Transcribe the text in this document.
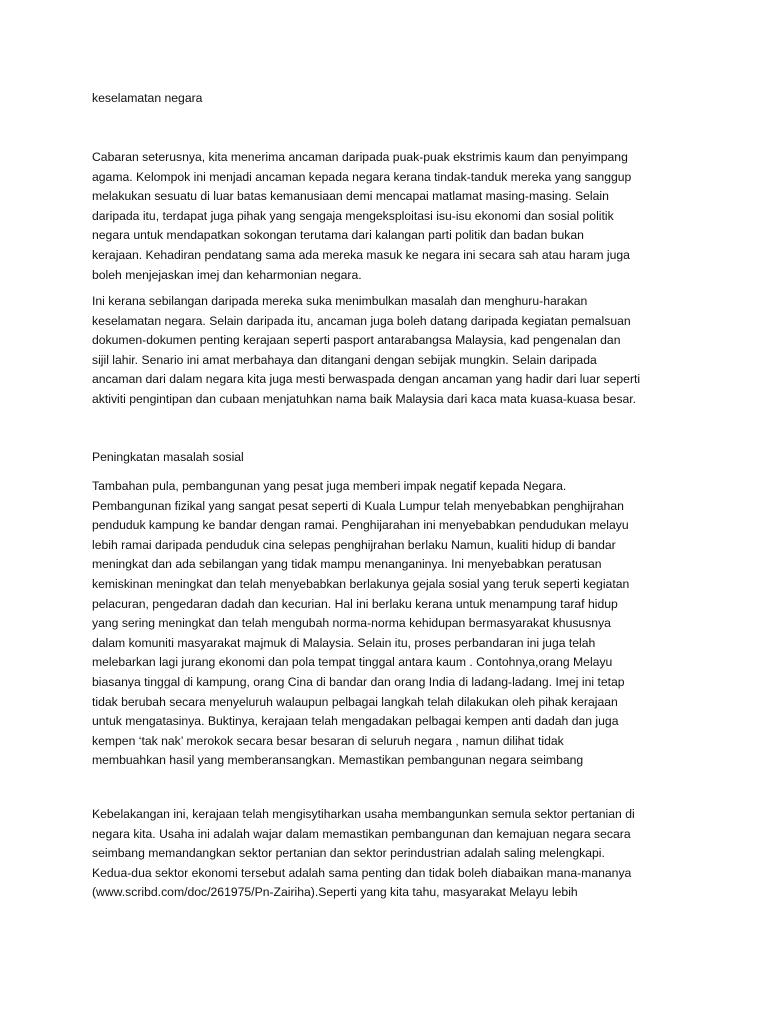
keselamatan negara
Cabaran seterusnya, kita menerima ancaman daripada puak-puak ekstrimis kaum dan penyimpang
agama. Kelompok ini menjadi ancaman kepada negara kerana tindak-tanduk mereka yang sanggup
melakukan sesuatu di luar batas kemanusiaan demi mencapai matlamat masing-masing. Selain
daripada itu, terdapat juga pihak yang sengaja mengeksploitasi isu-isu ekonomi dan sosial politik
negara untuk mendapatkan sokongan terutama dari kalangan parti politik dan badan bukan
kerajaan. Kehadiran pendatang sama ada mereka masuk ke negara ini secara sah atau haram juga
boleh menjejaskan imej dan keharmonian negara.
Ini kerana sebilangan daripada mereka suka menimbulkan masalah dan menghuru-harakan
keselamatan negara. Selain daripada itu, ancaman juga boleh datang daripada kegiatan pemalsuan
dokumen-dokumen penting kerajaan seperti pasport antarabangsa Malaysia, kad pengenalan dan
sijil lahir. Senario ini amat merbahaya dan ditangani dengan sebijak mungkin. Selain daripada
ancaman dari dalam negara kita juga mesti berwaspada dengan ancaman yang hadir dari luar seperti
aktiviti pengintipan dan cubaan menjatuhkan nama baik Malaysia dari kaca mata kuasa-kuasa besar.
Peningkatan masalah sosial
Tambahan pula, pembangunan yang pesat juga memberi impak negatif kepada Negara.
Pembangunan fizikal yang sangat pesat seperti di Kuala Lumpur telah menyebabkan penghijrahan
penduduk kampung ke bandar dengan ramai. Penghijarahan ini menyebabkan pendudukan melayu
lebih ramai daripada penduduk cina selepas penghijrahan berlaku Namun, kualiti hidup di bandar
meningkat dan ada sebilangan yang tidak mampu menanganinya. Ini menyebabkan peratusan
kemiskinan meningkat dan telah menyebabkan berlakunya gejala sosial yang teruk seperti kegiatan
pelacuran, pengedaran dadah dan kecurian. Hal ini berlaku kerana untuk menampung taraf hidup
yang sering meningkat dan telah mengubah norma-norma kehidupan bermasyarakat khususnya
dalam komuniti masyarakat majmuk di Malaysia. Selain itu, proses perbandaran ini juga telah
melebarkan lagi jurang ekonomi dan pola tempat tinggal antara kaum . Contohnya,orang Melayu
biasanya tinggal di kampung, orang Cina di bandar dan orang India di ladang-ladang. Imej ini tetap
tidak berubah secara menyeluruh walaupun pelbagai langkah telah dilakukan oleh pihak kerajaan
untuk mengatasinya. Buktinya, kerajaan telah mengadakan pelbagai kempen anti dadah dan juga
kempen ‘tak nak’ merokok secara besar besaran di seluruh negara , namun dilihat tidak
membuahkan hasil yang memberansangkan. Memastikan pembangunan negara seimbang
Kebelakangan ini, kerajaan telah mengisytiharkan usaha membangunkan semula sektor pertanian di
negara kita. Usaha ini adalah wajar dalam memastikan pembangunan dan kemajuan negara secara
seimbang memandangkan sektor pertanian dan sektor perindustrian adalah saling melengkapi.
Kedua-dua sektor ekonomi tersebut adalah sama penting dan tidak boleh diabaikan mana-mananya
(www.scribd.com/doc/261975/Pn-Zairiha).Seperti yang kita tahu, masyarakat Melayu lebih
